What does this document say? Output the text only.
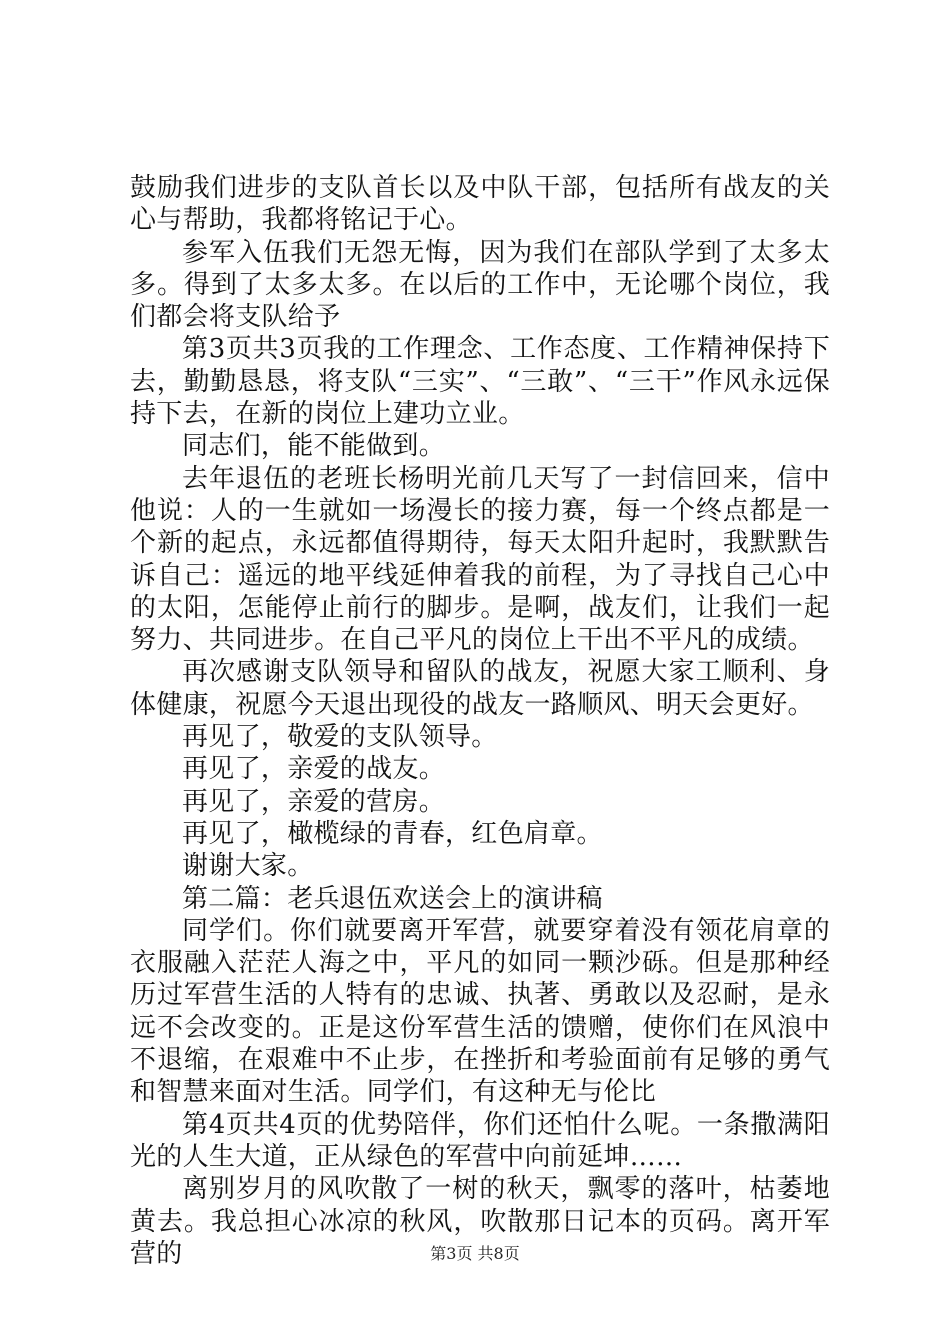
鼓励我们进步的支队首长以及中队干部，包括所有战友的关心与帮助，我都将铭记于心。

参军入伍我们无怨无悔，因为我们在部队学到了太多太多。得到了太多太多。在以后的工作中，无论哪个岗位，我们都会将支队给予

第3页共3页我的工作理念、工作态度、工作精神保持下去，勤勤恳恳，将支队“三实”、“三敢”、“三干”作风永远保持下去，在新的岗位上建功立业。

同志们，能不能做到。

去年退伍的老班长杨明光前几天写了一封信回来，信中他说：人的一生就如一场漫长的接力赛，每一个终点都是一个新的起点，永远都值得期待，每天太阳升起时，我默默告诉自己：遥远的地平线延伸着我的前程，为了寻找自己心中的太阳，怎能停止前行的脚步。是啊，战友们，让我们一起努力、共同进步。在自己平凡的岗位上干出不平凡的成绩。

再次感谢支队领导和留队的战友，祝愿大家工顺利、身体健康，祝愿今天退出现役的战友一路顺风、明天会更好。

再见了，敬爱的支队领导。

再见了，亲爱的战友。

再见了，亲爱的营房。

再见了，橄榄绿的青春，红色肩章。

谢谢大家。

第二篇：老兵退伍欢送会上的演讲稿

同学们。你们就要离开军营，就要穿着没有领花肩章的衣服融入茫茫人海之中，平凡的如同一颗沙砾。但是那种经历过军营生活的人特有的忠诚、执著、勇敢以及忍耐，是永远不会改变的。正是这份军营生活的馈赠，使你们在风浪中不退缩，在艰难中不止步，在挫折和考验面前有足够的勇气和智慧来面对生活。同学们，有这种无与伦比

第4页共4页的优势陪伴，你们还怕什么呢。一条撒满阳光的人生大道，正从绿色的军营中向前延坤……

离别岁月的风吹散了一树的秋天，飘零的落叶，枯萎地黄去。我总担心冰凉的秋风，吹散那日记本的页码。离开军营的	第3页 共8页
